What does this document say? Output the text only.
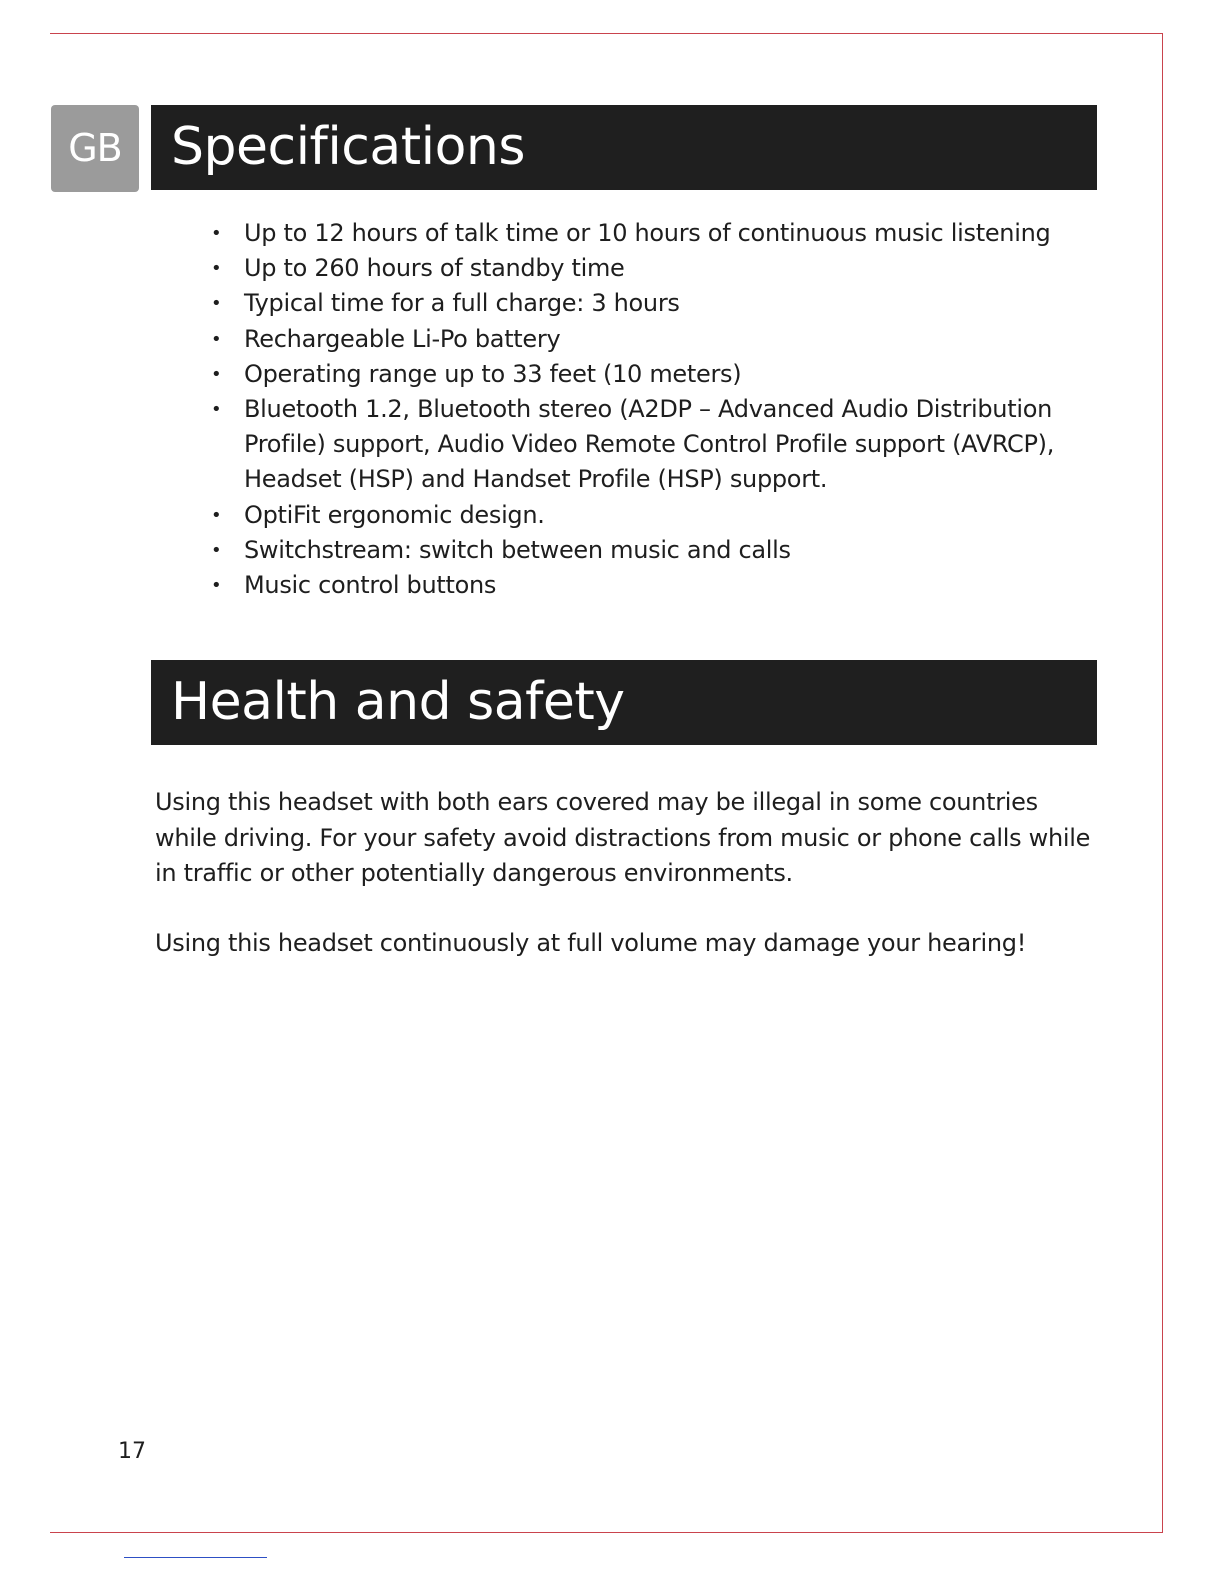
GB Specifications
• Up to 12 hours of talk time or 10 hours of continuous music listening
• Up to 260 hours of standby time
• Typical time for a full charge: 3 hours
• Rechargeable Li-Po battery
• Operating range up to 33 feet (10 meters)
• Bluetooth 1.2, Bluetooth stereo (A2DP – Advanced Audio Distribution Profile) support, Audio Video Remote Control Profile support (AVRCP), Headset (HSP) and Handset Profile (HSP) support.
• OptiFit ergonomic design.
• Switchstream: switch between music and calls
• Music control buttons
Health and safety

Using this headset with both ears covered may be illegal in some countries while driving. For your safety avoid distractions from music or phone calls while in traffic or other potentially dangerous environments.

Using this headset continuously at full volume may damage your hearing!

17
